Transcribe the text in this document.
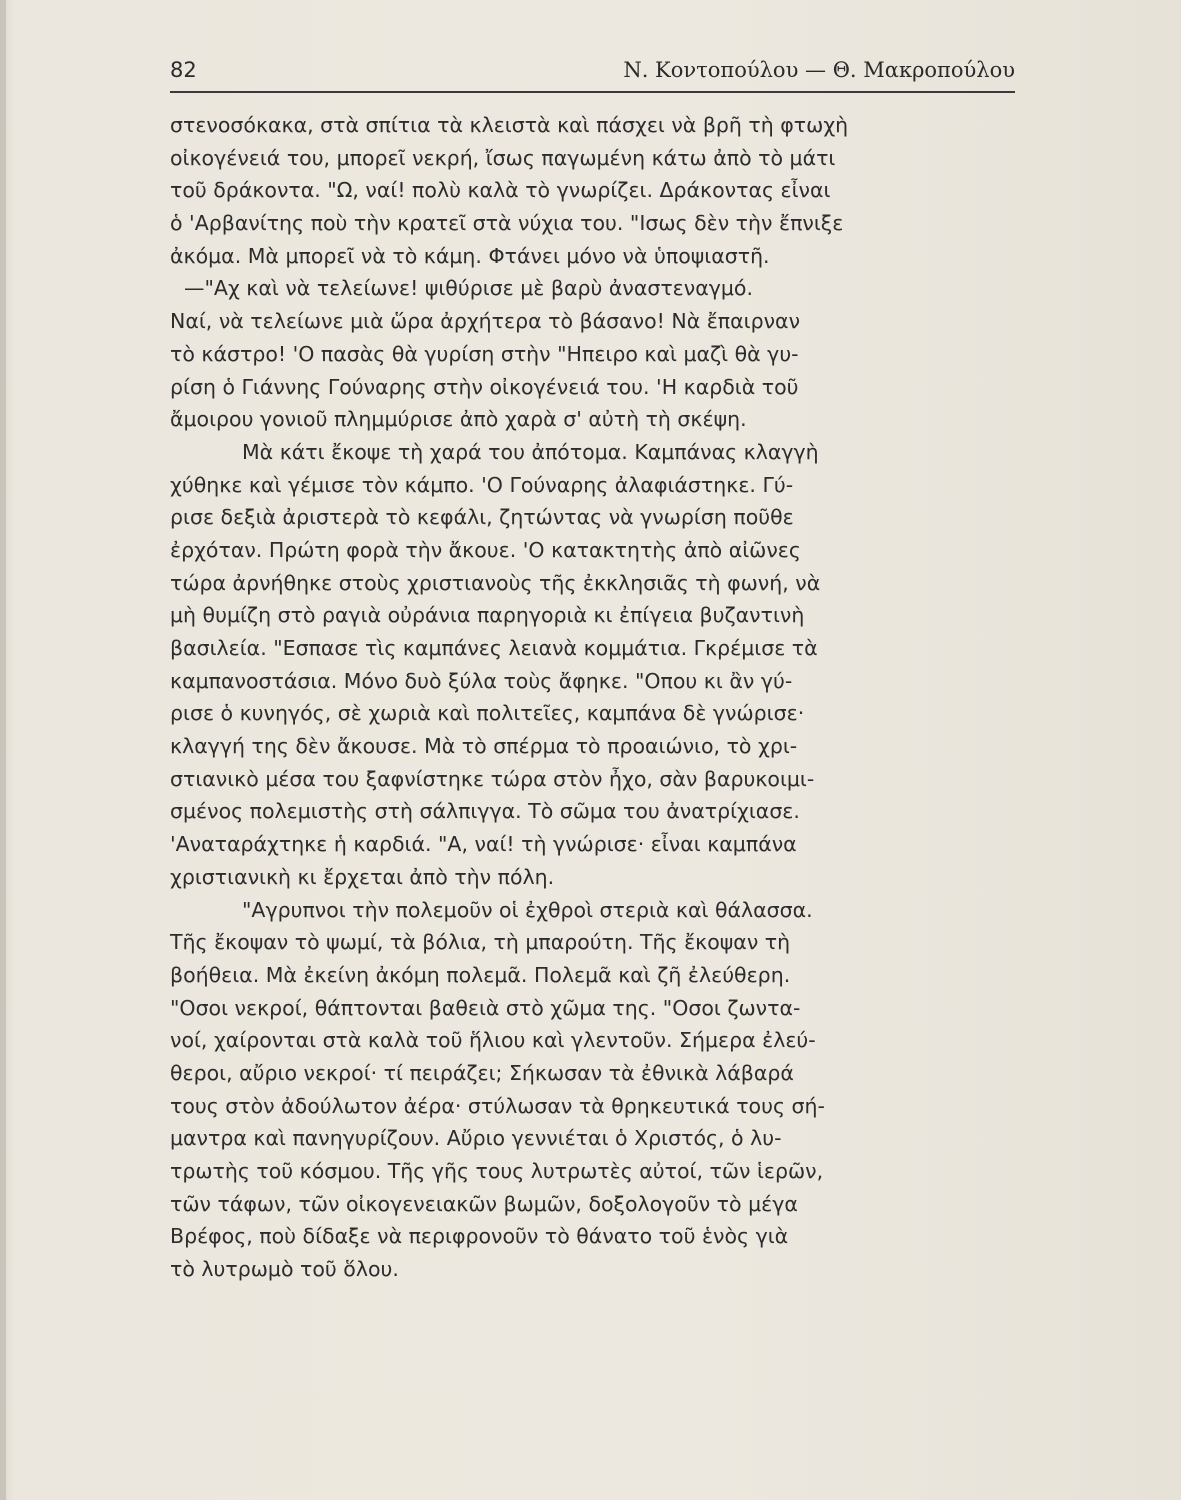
82	Ν. Κοντοπούλου — Θ. Μακροπούλου
στενοσόκακα, στὰ σπίτια τὰ κλειστὰ καὶ πάσχει νὰ βρῆ τὴ φτωχὴ
οἰκογένειά του, μπορεῖ νεκρή, ἴσως παγωμένη κάτω ἀπὸ τὸ μάτι
τοῦ δράκοντα. "Ω, ναί! πολὺ καλὰ τὸ γνωρίζει. Δράκοντας εἶναι
ὁ 'Αρβανίτης ποὺ τὴν κρατεῖ στὰ νύχια του. "Ισως δὲν τὴν ἔπνιξε
ἀκόμα. Μὰ μπορεῖ νὰ τὸ κάμη. Φτάνει μόνο νὰ ὑποψιαστῆ.
—"Αχ καὶ νὰ τελείωνε! ψιθύρισε μὲ βαρὺ ἀναστεναγμό.
Ναί, νὰ τελείωνε μιὰ ὥρα ἀρχήτερα τὸ βάσανο! Νὰ ἔπαιρναν
τὸ κάστρο! 'Ο πασὰς θὰ γυρίση στὴν "Ηπειρο καὶ μαζὶ θὰ γυ-
ρίση ὁ Γιάννης Γούναρης στὴν οἰκογένειά του. 'Η καρδιὰ τοῦ
ἄμοιρου γονιοῦ πλημμύρισε ἀπὸ χαρὰ σ' αὐτὴ τὴ σκέψη.
Μὰ κάτι ἔκοψε τὴ χαρά του ἀπότομα. Καμπάνας κλαγγὴ
χύθηκε καὶ γέμισε τὸν κάμπο. 'Ο Γούναρης ἀλαφιάστηκε. Γύ-
ρισε δεξιὰ ἀριστερὰ τὸ κεφάλι, ζητώντας νὰ γνωρίση ποῦθε
ἐρχόταν. Πρώτη φορὰ τὴν ἄκουε. 'Ο κατακτητὴς ἀπὸ αἰῶνες
τώρα ἀρνήθηκε στοὺς χριστιανοὺς τῆς ἐκκλησιᾶς τὴ φωνή, νὰ
μὴ θυμίζη στὸ ραγιὰ οὐράνια παρηγοριὰ κι ἐπίγεια βυζαντινὴ
βασιλεία. "Εσπασε τὶς καμπάνες λειανὰ κομμάτια. Γκρέμισε τὰ
καμπανοστάσια. Μόνο δυὸ ξύλα τοὺς ἄφηκε. "Οπου κι ἂν γύ-
ρισε ὁ κυνηγός, σὲ χωριὰ καὶ πολιτεῖες, καμπάνα δὲ γνώρισε·
κλαγγή της δὲν ἄκουσε. Μὰ τὸ σπέρμα τὸ προαιώνιο, τὸ χρι-
στιανικὸ μέσα του ξαφνίστηκε τώρα στὸν ἦχο, σὰν βαρυκοιμι-
σμένος πολεμιστὴς στὴ σάλπιγγα. Τὸ σῶμα του ἀνατρίχιασε.
'Αναταράχτηκε ἡ καρδιά. "Α, ναί! τὴ γνώρισε· εἶναι καμπάνα
χριστιανικὴ κι ἔρχεται ἀπὸ τὴν πόλη.
"Αγρυπνοι τὴν πολεμοῦν οἱ ἐχθροὶ στεριὰ καὶ θάλασσα.
Τῆς ἔκοψαν τὸ ψωμί, τὰ βόλια, τὴ μπαρούτη. Τῆς ἔκοψαν τὴ
βοήθεια. Μὰ ἐκείνη ἀκόμη πολεμᾶ. Πολεμᾶ καὶ ζῆ ἐλεύθερη.
"Οσοι νεκροί, θάπτονται βαθειὰ στὸ χῶμα της. "Οσοι ζωντα-
νοί, χαίρονται στὰ καλὰ τοῦ ἥλιου καὶ γλεντοῦν. Σήμερα ἐλεύ-
θεροι, αὔριο νεκροί· τί πειράζει; Σήκωσαν τὰ ἐθνικὰ λάβαρά
τους στὸν ἀδούλωτον ἀέρα· στύλωσαν τὰ θρηκευτικά τους σή-
μαντρα καὶ πανηγυρίζουν. Αὔριο γεννιέται ὁ Χριστός, ὁ λυ-
τρωτὴς τοῦ κόσμου. Τῆς γῆς τους λυτρωτὲς αὐτοί, τῶν ἱερῶν,
τῶν τάφων, τῶν οἰκογενειακῶν βωμῶν, δοξολογοῦν τὸ μέγα
Βρέφος, ποὺ δίδαξε νὰ περιφρονοῦν τὸ θάνατο τοῦ ἑνὸς γιὰ
τὸ λυτρωμὸ τοῦ ὅλου.
